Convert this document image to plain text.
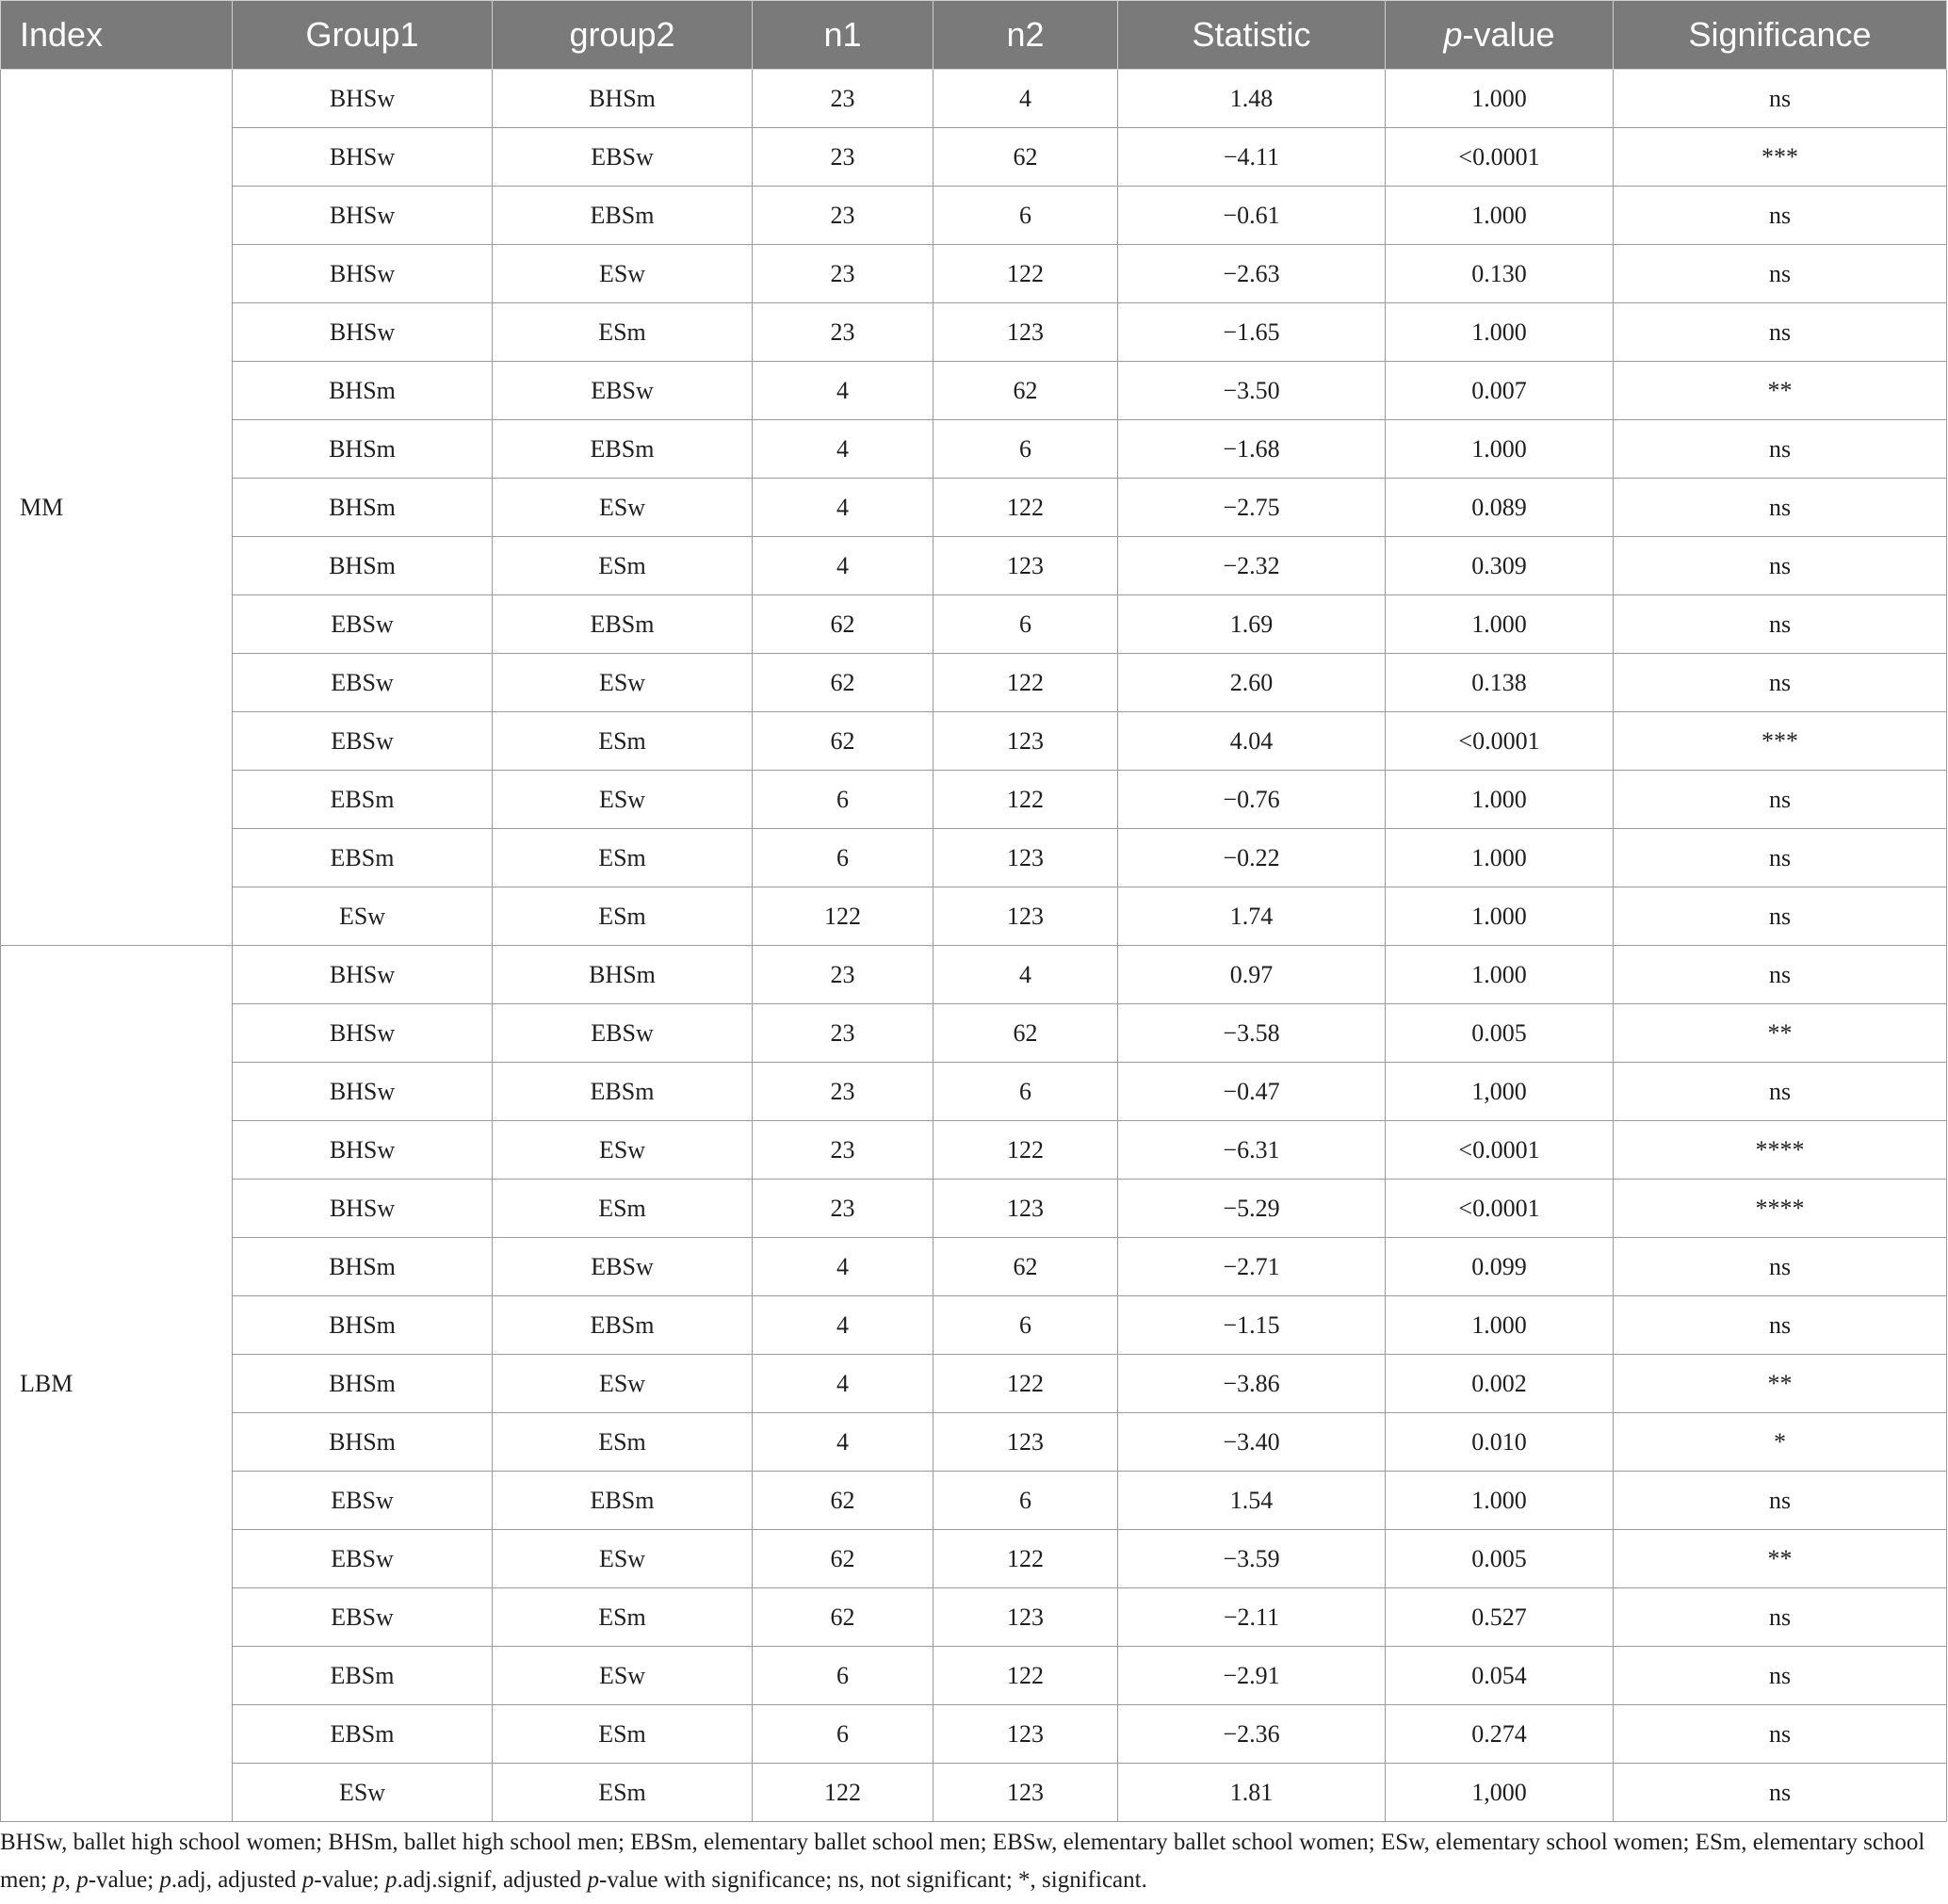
Index	Group1	group2	n1	n2	Statistic	p-value	Significance
MM	BHSw	BHSm	23	4	1.48	1.000	ns
	BHSw	EBSw	23	62	−4.11	<0.0001	***
	BHSw	EBSm	23	6	−0.61	1.000	ns
	BHSw	ESw	23	122	−2.63	0.130	ns
	BHSw	ESm	23	123	−1.65	1.000	ns
	BHSm	EBSw	4	62	−3.50	0.007	**
	BHSm	EBSm	4	6	−1.68	1.000	ns
	BHSm	ESw	4	122	−2.75	0.089	ns
	BHSm	ESm	4	123	−2.32	0.309	ns
	EBSw	EBSm	62	6	1.69	1.000	ns
	EBSw	ESw	62	122	2.60	0.138	ns
	EBSw	ESm	62	123	4.04	<0.0001	***
	EBSm	ESw	6	122	−0.76	1.000	ns
	EBSm	ESm	6	123	−0.22	1.000	ns
	ESw	ESm	122	123	1.74	1.000	ns
LBM	BHSw	BHSm	23	4	0.97	1.000	ns
	BHSw	EBSw	23	62	−3.58	0.005	**
	BHSw	EBSm	23	6	−0.47	1,000	ns
	BHSw	ESw	23	122	−6.31	<0.0001	****
	BHSw	ESm	23	123	−5.29	<0.0001	****
	BHSm	EBSw	4	62	−2.71	0.099	ns
	BHSm	EBSm	4	6	−1.15	1.000	ns
	BHSm	ESw	4	122	−3.86	0.002	**
	BHSm	ESm	4	123	−3.40	0.010	*
	EBSw	EBSm	62	6	1.54	1.000	ns
	EBSw	ESw	62	122	−3.59	0.005	**
	EBSw	ESm	62	123	−2.11	0.527	ns
	EBSm	ESw	6	122	−2.91	0.054	ns
	EBSm	ESm	6	123	−2.36	0.274	ns
	ESw	ESm	122	123	1.81	1,000	ns
BHSw, ballet high school women; BHSm, ballet high school men; EBSm, elementary ballet school men; EBSw, elementary ballet school women; ESw, elementary school women; ESm, elementary school men; p, p-value; p.adj, adjusted p-value; p.adj.signif, adjusted p-value with significance; ns, not significant; *, significant.
